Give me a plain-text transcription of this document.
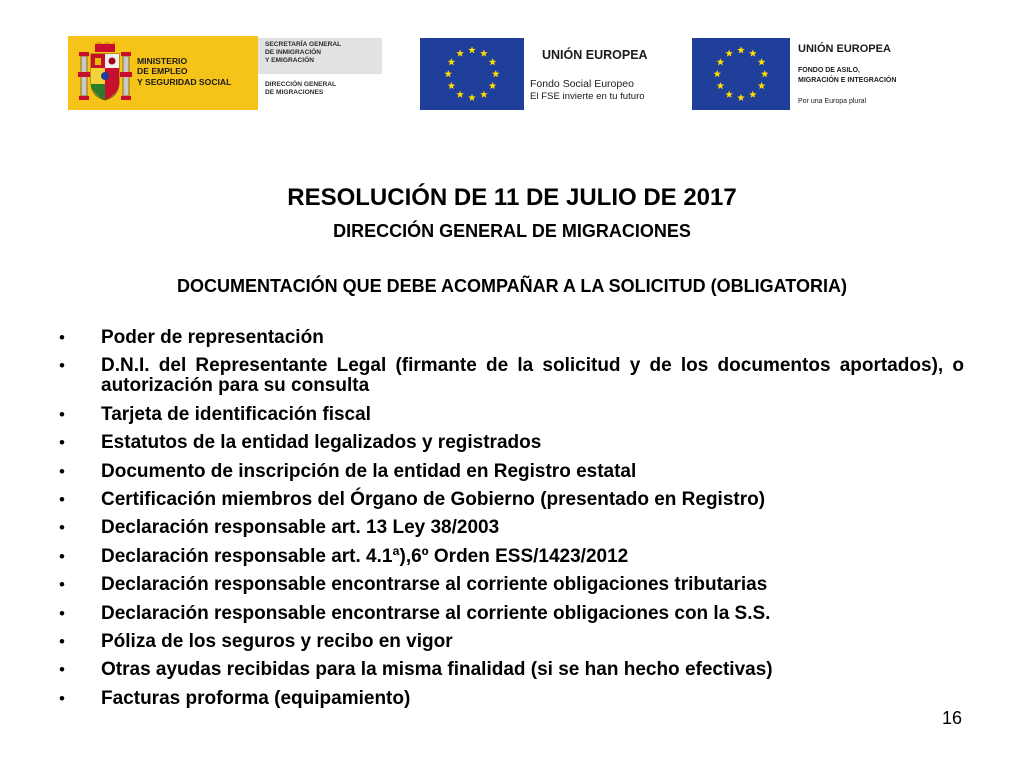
MINISTERIO
DE EMPLEO
Y SEGURIDAD SOCIAL
SECRETARÍA GENERAL
DE INMIGRACIÓN
Y EMIGRACIÓN
DIRECCIÓN GENERAL
DE MIGRACIONES
UNIÓN EUROPEA
Fondo Social Europeo
El FSE invierte en tu futuro
UNIÓN EUROPEA
FONDO DE ASILO,
MIGRACIÓN E INTEGRACIÓN
Por una Europa plural
RESOLUCIÓN DE 11 DE JULIO DE 2017
DIRECCIÓN GENERAL DE MIGRACIONES
DOCUMENTACIÓN QUE DEBE ACOMPAÑAR A LA SOLICITUD (OBLIGATORIA)
• Poder de representación
• D.N.I. del Representante Legal (firmante de la solicitud y de los documentos aportados), o autorización para su consulta
• Tarjeta de identificación fiscal
• Estatutos de la entidad legalizados y registrados
• Documento de inscripción de la entidad en Registro estatal
• Certificación miembros del Órgano de Gobierno (presentado en Registro)
• Declaración responsable art. 13 Ley 38/2003
• Declaración responsable art. 4.1ª),6º Orden ESS/1423/2012
• Declaración responsable encontrarse al corriente obligaciones tributarias
• Declaración responsable encontrarse al corriente obligaciones con la S.S.
• Póliza de los seguros y recibo en vigor
• Otras ayudas recibidas para la misma finalidad (si se han hecho efectivas)
• Facturas proforma (equipamiento)
16
